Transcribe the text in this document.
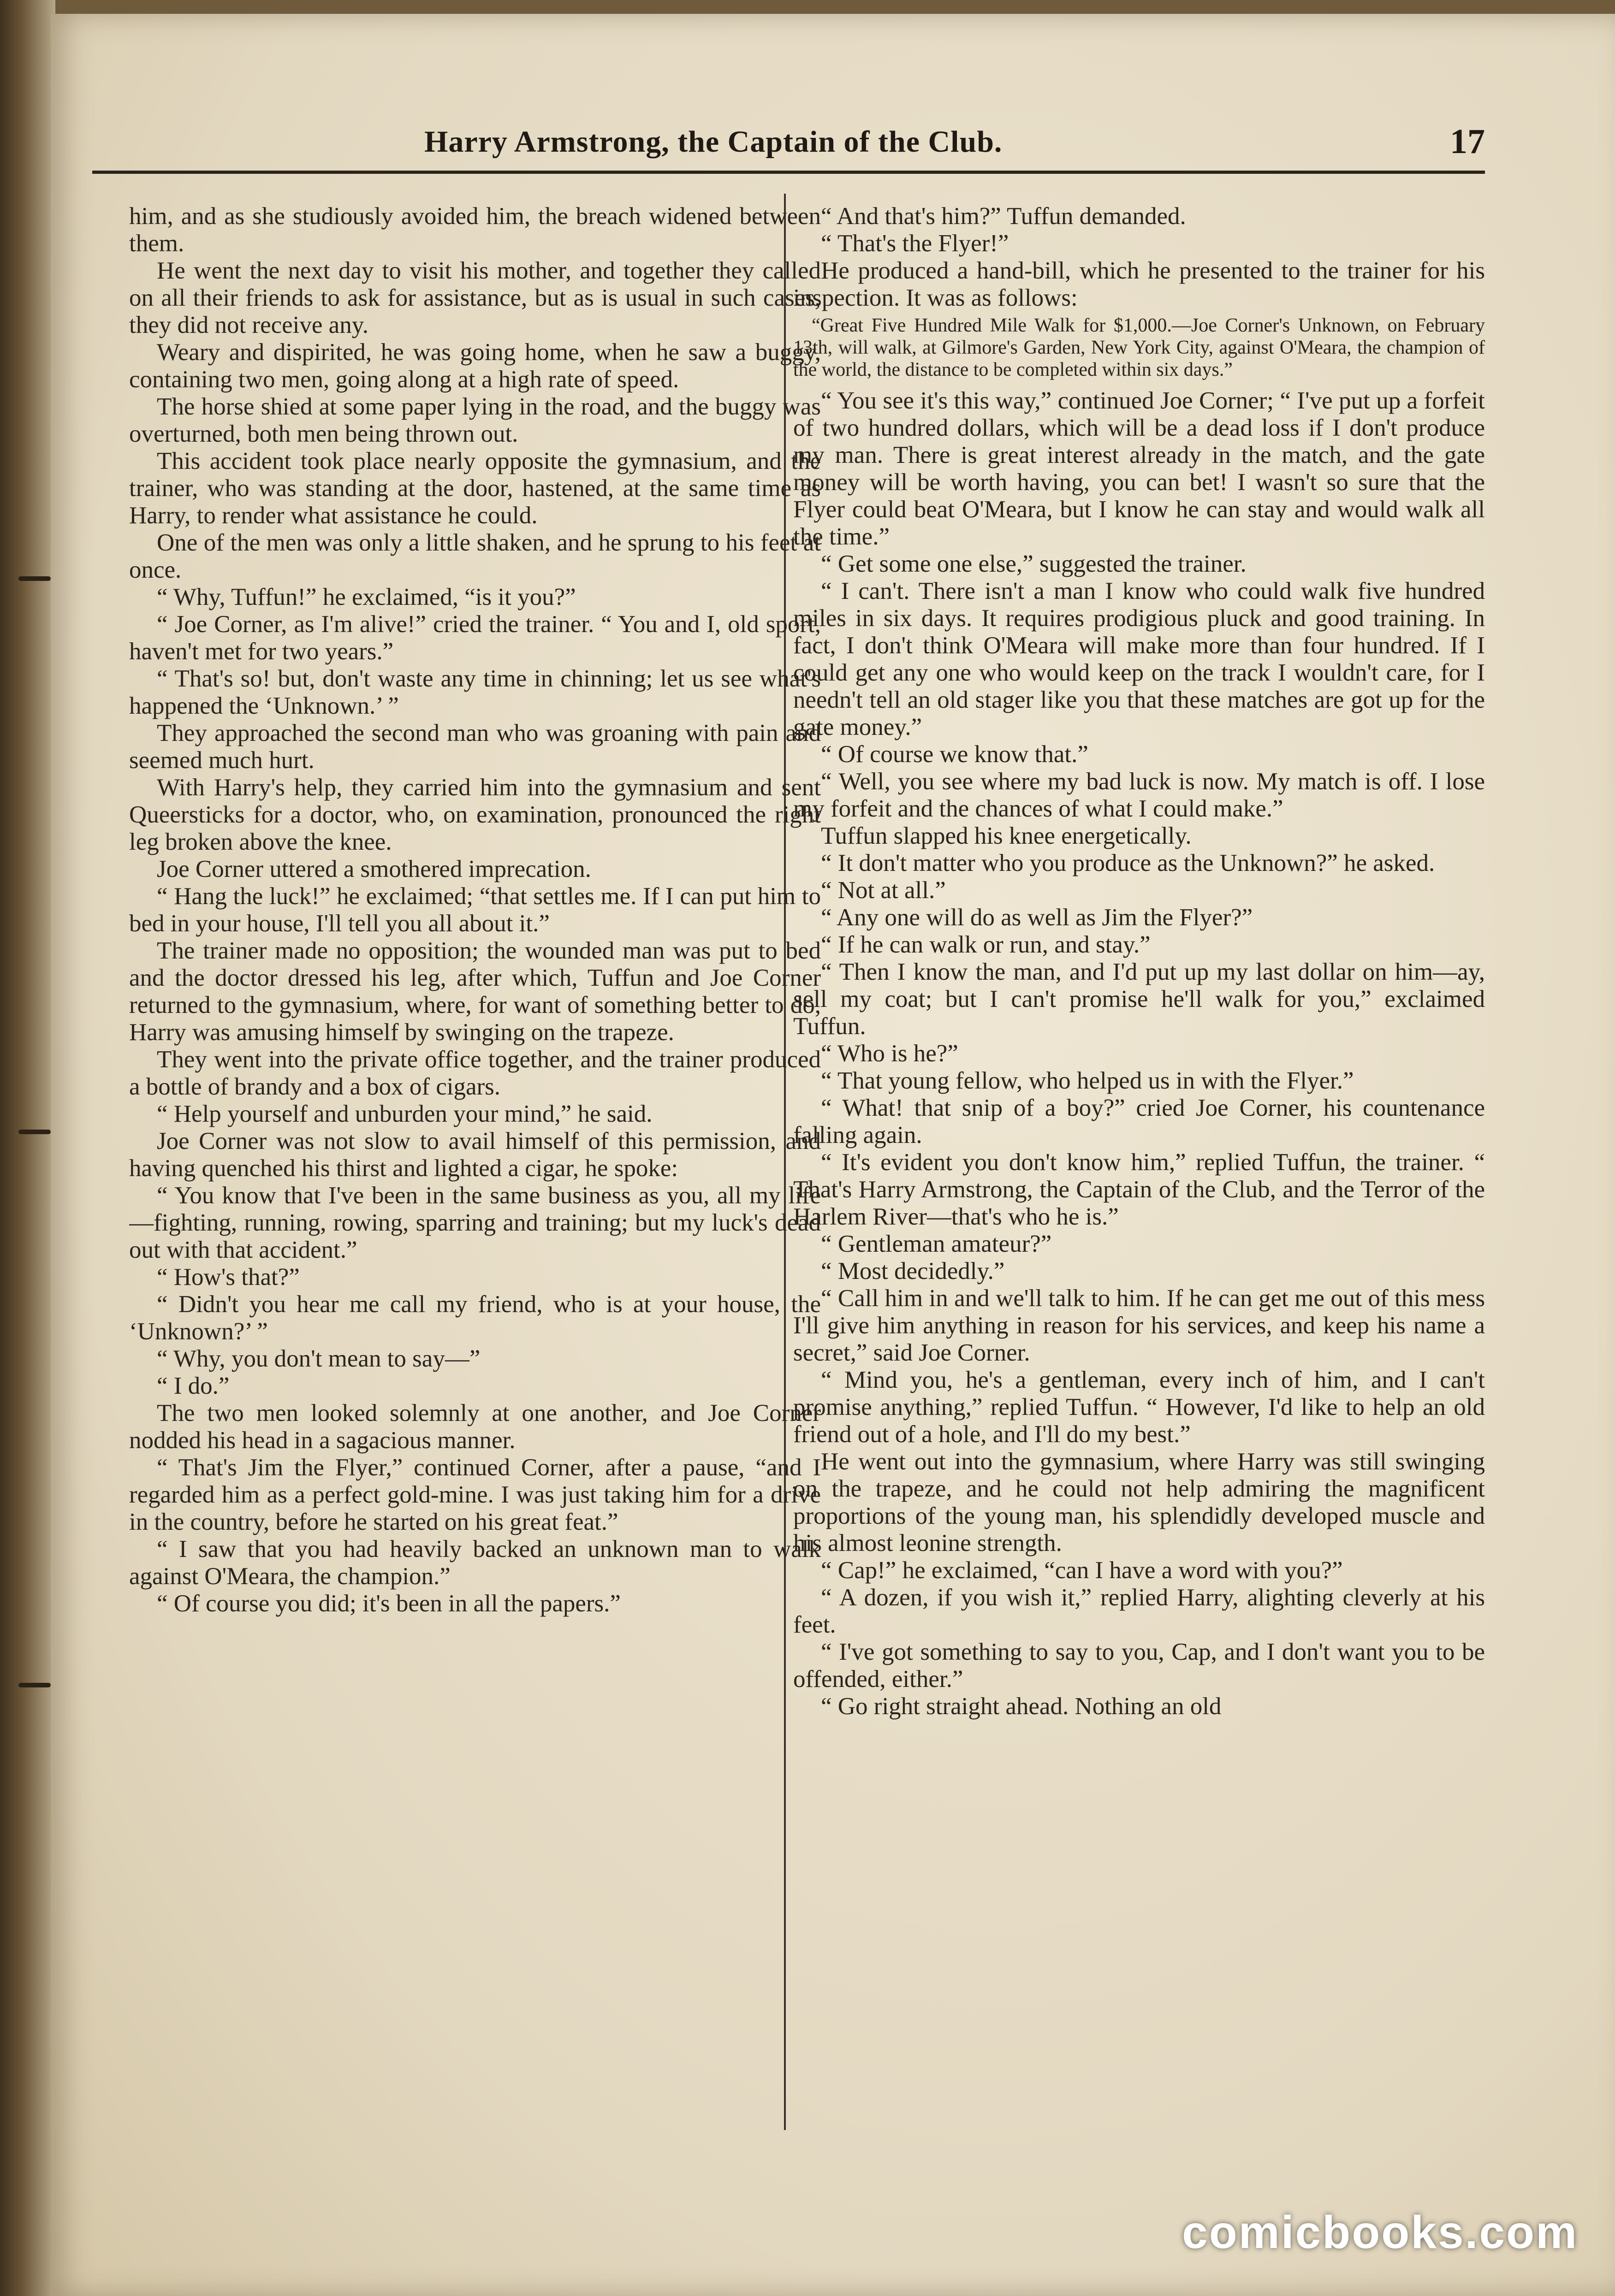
Harry Armstrong, the Captain of the Club.	17

him, and as she studiously avoided him, the breach widened between them.

He went the next day to visit his mother, and together they called on all their friends to ask for assistance, but as is usual in such cases, they did not receive any.

Weary and dispirited, he was going home, when he saw a buggy, containing two men, going along at a high rate of speed.

The horse shied at some paper lying in the road, and the buggy was overturned, both men being thrown out.

This accident took place nearly opposite the gymnasium, and the trainer, who was standing at the door, hastened, at the same time as Harry, to render what assistance he could.

One of the men was only a little shaken, and he sprung to his feet at once.

“ Why, Tuffun!” he exclaimed, “is it you?”

“ Joe Corner, as I'm alive!” cried the trainer. “ You and I, old sport, haven't met for two years.”

“ That's so! but, don't waste any time in chinning; let us see what's happened the ‘Unknown.’ ”

They approached the second man who was groaning with pain and seemed much hurt.

With Harry's help, they carried him into the gymnasium and sent Queersticks for a doctor, who, on examination, pronounced the right leg broken above the knee.

Joe Corner uttered a smothered imprecation.

“ Hang the luck!” he exclaimed; “that settles me. If I can put him to bed in your house, I'll tell you all about it.”

The trainer made no opposition; the wounded man was put to bed and the doctor dressed his leg, after which, Tuffun and Joe Corner returned to the gymnasium, where, for want of something better to do, Harry was amusing himself by swinging on the trapeze.

They went into the private office together, and the trainer produced a bottle of brandy and a box of cigars.

“ Help yourself and unburden your mind,” he said.

Joe Corner was not slow to avail himself of this permission, and having quenched his thirst and lighted a cigar, he spoke:

“ You know that I've been in the same business as you, all my life—fighting, running, rowing, sparring and training; but my luck's dead out with that accident.”

“ How's that?”

“ Didn't you hear me call my friend, who is at your house, the ‘Unknown?’ ”

“ Why, you don't mean to say—”

“ I do.”

The two men looked solemnly at one another, and Joe Corner nodded his head in a sagacious manner.

“ That's Jim the Flyer,” continued Corner, after a pause, “and I regarded him as a perfect gold-mine. I was just taking him for a drive in the country, before he started on his great feat.”

“ I saw that you had heavily backed an unknown man to walk against O'Meara, the champion.”

“ Of course you did; it's been in all the papers.”

“ And that's him?” Tuffun demanded.

“ That's the Flyer!”

He produced a hand-bill, which he presented to the trainer for his inspection. It was as follows:

“Great Five Hundred Mile Walk for $1,000.—Joe Corner's Unknown, on February 13th, will walk, at Gilmore's Garden, New York City, against O'Meara, the champion of the world, the distance to be completed within six days.”

“ You see it's this way,” continued Joe Corner; “ I've put up a forfeit of two hundred dollars, which will be a dead loss if I don't produce my man. There is great interest already in the match, and the gate money will be worth having, you can bet! I wasn't so sure that the Flyer could beat O'Meara, but I know he can stay and would walk all the time.”

“ Get some one else,” suggested the trainer.

“ I can't. There isn't a man I know who could walk five hundred miles in six days. It requires prodigious pluck and good training. In fact, I don't think O'Meara will make more than four hundred. If I could get any one who would keep on the track I wouldn't care, for I needn't tell an old stager like you that these matches are got up for the gate money.”

“ Of course we know that.”

“ Well, you see where my bad luck is now. My match is off. I lose my forfeit and the chances of what I could make.”

Tuffun slapped his knee energetically.

“ It don't matter who you produce as the Unknown?” he asked.

“ Not at all.”

“ Any one will do as well as Jim the Flyer?”

“ If he can walk or run, and stay.”

“ Then I know the man, and I'd put up my last dollar on him—ay, sell my coat; but I can't promise he'll walk for you,” exclaimed Tuffun.

“ Who is he?”

“ That young fellow, who helped us in with the Flyer.”

“ What! that snip of a boy?” cried Joe Corner, his countenance falling again.

“ It's evident you don't know him,” replied Tuffun, the trainer. “ That's Harry Armstrong, the Captain of the Club, and the Terror of the Harlem River—that's who he is.”

“ Gentleman amateur?”

“ Most decidedly.”

“ Call him in and we'll talk to him. If he can get me out of this mess I'll give him anything in reason for his services, and keep his name a secret,” said Joe Corner.

“ Mind you, he's a gentleman, every inch of him, and I can't promise anything,” replied Tuffun. “ However, I'd like to help an old friend out of a hole, and I'll do my best.”

He went out into the gymnasium, where Harry was still swinging on the trapeze, and he could not help admiring the magnificent proportions of the young man, his splendidly developed muscle and his almost leonine strength.

“ Cap!” he exclaimed, “can I have a word with you?”

“ A dozen, if you wish it,” replied Harry, alighting cleverly at his feet.

“ I've got something to say to you, Cap, and I don't want you to be offended, either.”

“ Go right straight ahead. Nothing an old

comicbooks.com
